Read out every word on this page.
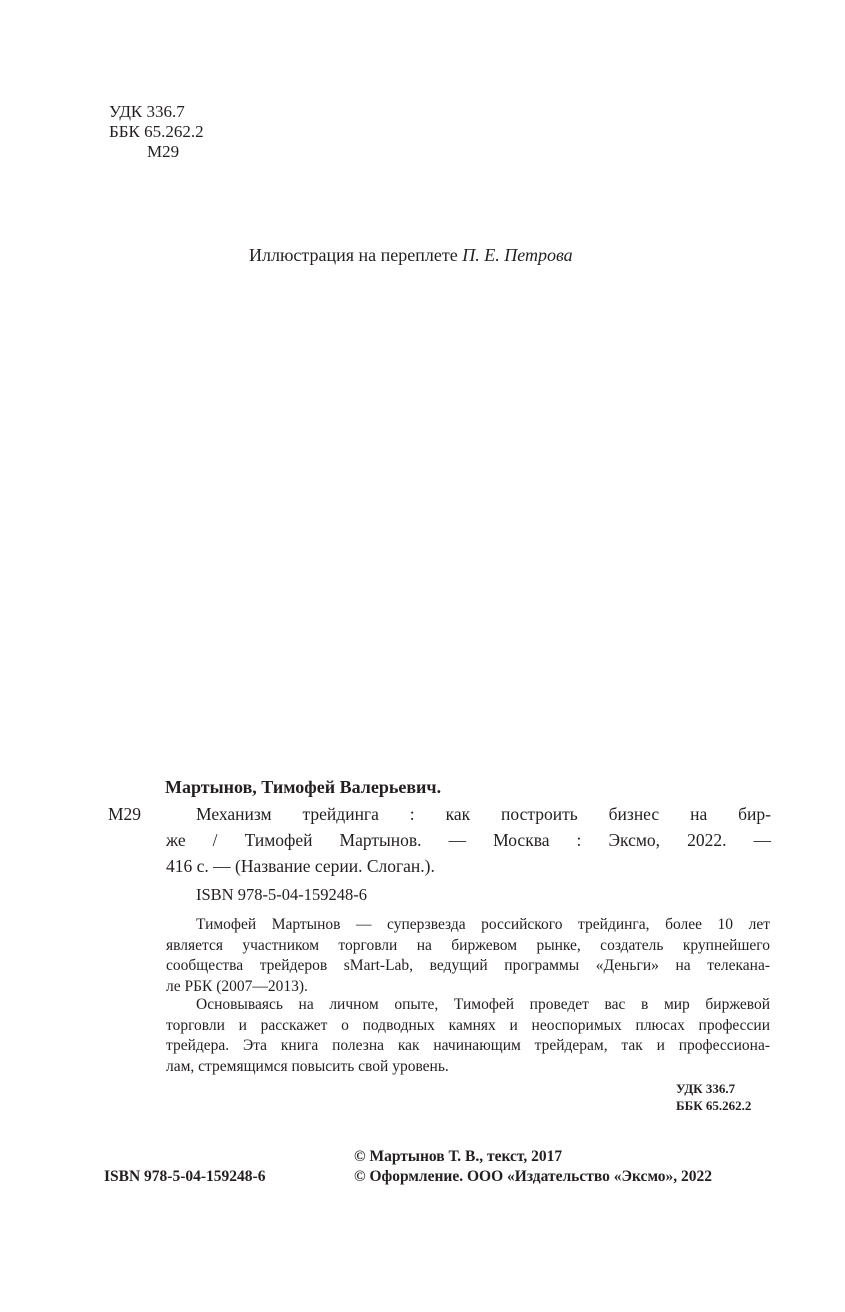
УДК 336.7
ББК 65.262.2
М29
Иллюстрация на переплете П. Е. Петрова
Мартынов, Тимофей Валерьевич.
М29	Механизм трейдинга : как построить бизнес на бир-
же / Тимофей Мартынов. — Москва : Эксмо, 2022. —
416 с. — (Название серии. Слоган.).
ISBN 978-5-04-159248-6
Тимофей Мартынов — суперзвезда российского трейдинга, более 10 лет
является участником торговли на биржевом рынке, создатель крупнейшего
сообщества трейдеров sMart-Lab, ведущий программы «Деньги» на телекана-
ле РБК (2007—2013).
Основываясь на личном опыте, Тимофей проведет вас в мир биржевой
торговли и расскажет о подводных камнях и неоспоримых плюсах профессии
трейдера. Эта книга полезна как начинающим трейдерам, так и профессиона-
лам, стремящимся повысить свой уровень.
УДК 336.7
ББК 65.262.2
© Мартынов Т. В., текст, 2017
© Оформление. ООО «Издательство «Эксмо», 2022
ISBN 978-5-04-159248-6
